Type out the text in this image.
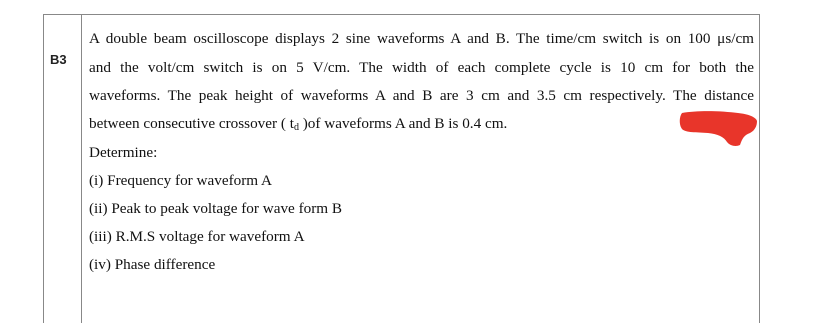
B3
A double beam oscilloscope displays 2 sine waveforms A and B. The time/cm switch is on 100 μs/cm
and the volt/cm switch is on 5 V/cm. The width of each complete cycle is 10 cm for both the
waveforms. The peak height of waveforms A and B are 3 cm and 3.5 cm respectively. The distance
between consecutive crossover ( $t_d$ )of waveforms A and B is 0.4 cm.
Determine:
(i) Frequency for waveform A
(ii) Peak to peak voltage for wave form B
(iii) R.M.S voltage for waveform A
(iv) Phase difference
